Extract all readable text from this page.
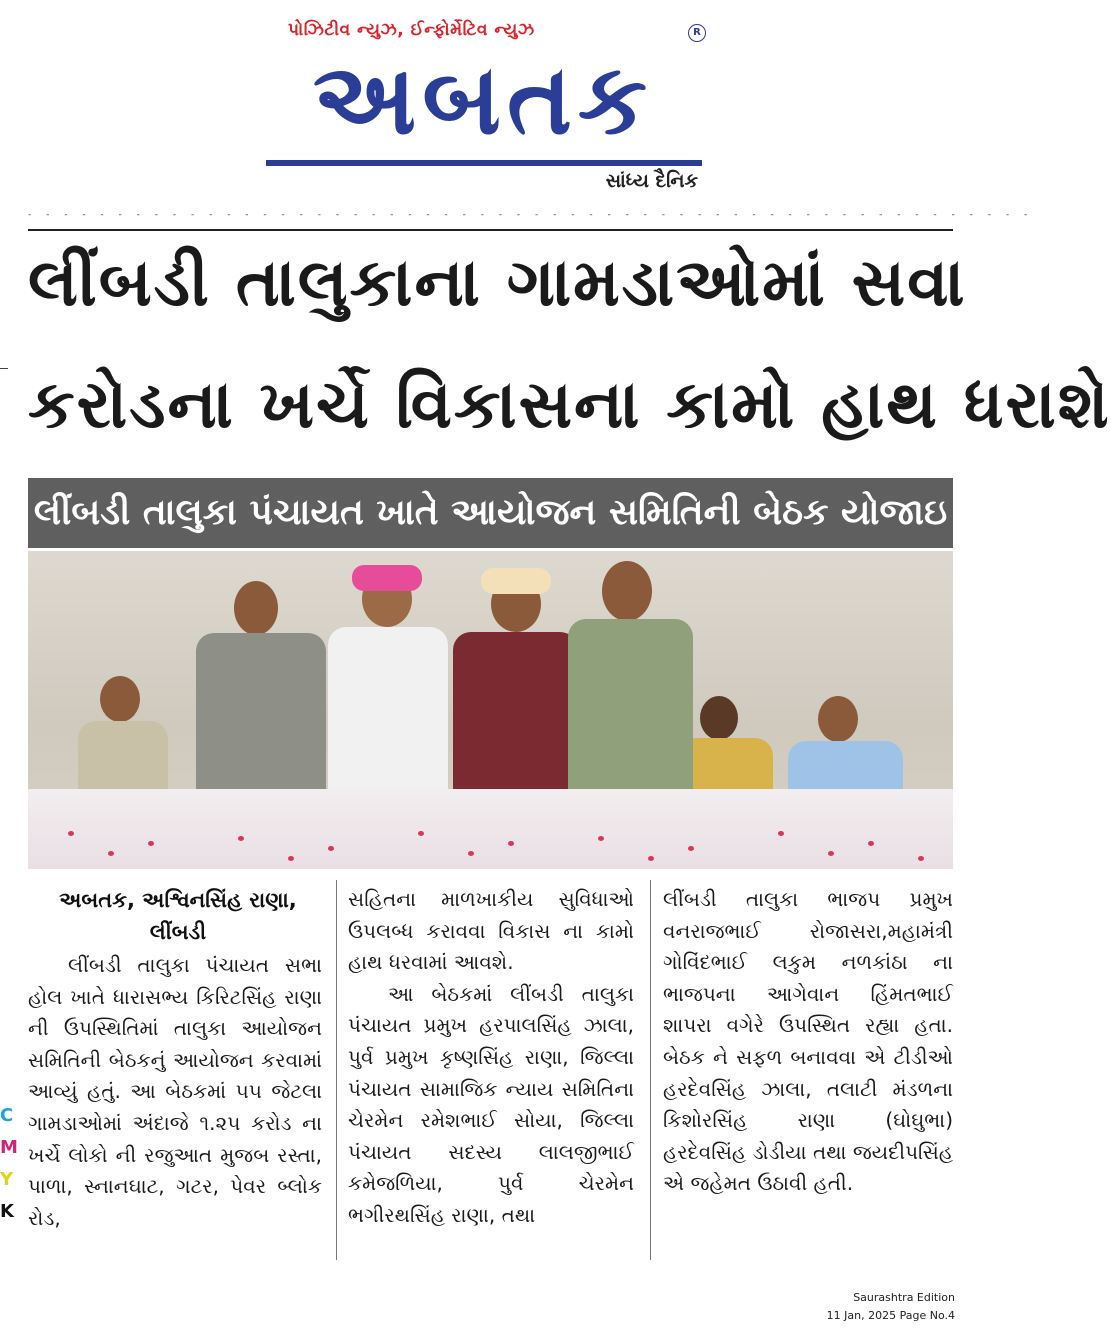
પોઝિટીવ ન્યુઝ, ઈન્ફોર્મેટિવ ન્યુઝ	R
અબતક
સાંધ્ય દૈનિક
- - - - - - - - - - - - - - - - - - - - - - - - - - - - - - - - - - - - - - - - - - - - - - - - - - - - - - - -
લીંબડી તાલુકાના ગામડાઓમાં સવા
કરોડના ખર્ચે વિકાસના કામો હાથ ધરાશે
લીંબડી તાલુકા પંચાયત ખાતે આયોજન સમિતિની બેઠક યોજાઇ
અબતક, અશ્વિનસિંહ રાણા,
લીંબડી

લીંબડી તાલુકા પંચાયત સભા હોલ ખાતે ધારાસભ્ય કિરિટસિંહ રાણા ની ઉપસ્થિતિમાં તાલુકા આયોજન સમિતિની બેઠકનું આયોજન કરવામાં આવ્યું હતું. આ બેઠકમાં ૫૫ જેટલા ગામડાઓમાં અંદાજે ૧.૨૫ કરોડ ના ખર્ચે લોકો ની રજુઆત મુજબ રસ્તા, પાળા, સ્નાનઘાટ, ગટર, પેવર બ્લોક રોડ,

સહિતના માળખાકીય સુવિધાઓ ઉપલબ્ધ કરાવવા વિકાસ ના કામો હાથ ધરવામાં આવશે.

આ બેઠકમાં લીંબડી તાલુકા પંચાયત પ્રમુખ હરપાલસિંહ ઝાલા, પુર્વ પ્રમુખ કૃષ્ણસિંહ રાણા, જિલ્લા પંચાયત સામાજિક ન્યાય સમિતિના ચેરમેન રમેશભાઈ સોયા, જિલ્લા પંચાયત સદસ્ય લાલજીભાઈ કમેજળિયા, પુર્વ ચેરમેન ભગીરથસિંહ રાણા, તથા

લીંબડી તાલુકા ભાજપ પ્રમુખ વનરાજભાઈ રોજાસરા,મહામંત્રી ગોવિંદભાઈ લકુમ નળકાંઠા ના ભાજપના આગેવાન હિંમતભાઈ શાપરા વગેરે ઉપસ્થિત રહ્યા હતા. બેઠક ને સફળ બનાવવા એ ટીડીઓ હરદેવસિંહ ઝાલા, તલાટી મંડળના કિશોરસિંહ રાણા (ઘોઘુભા) હરદેવસિંહ ડોડીયા તથા જયદીપસિંહ એ જહેમત ઉઠાવી હતી.

C
M
Y
K
Saurashtra Edition
11 Jan, 2025 Page No.4
